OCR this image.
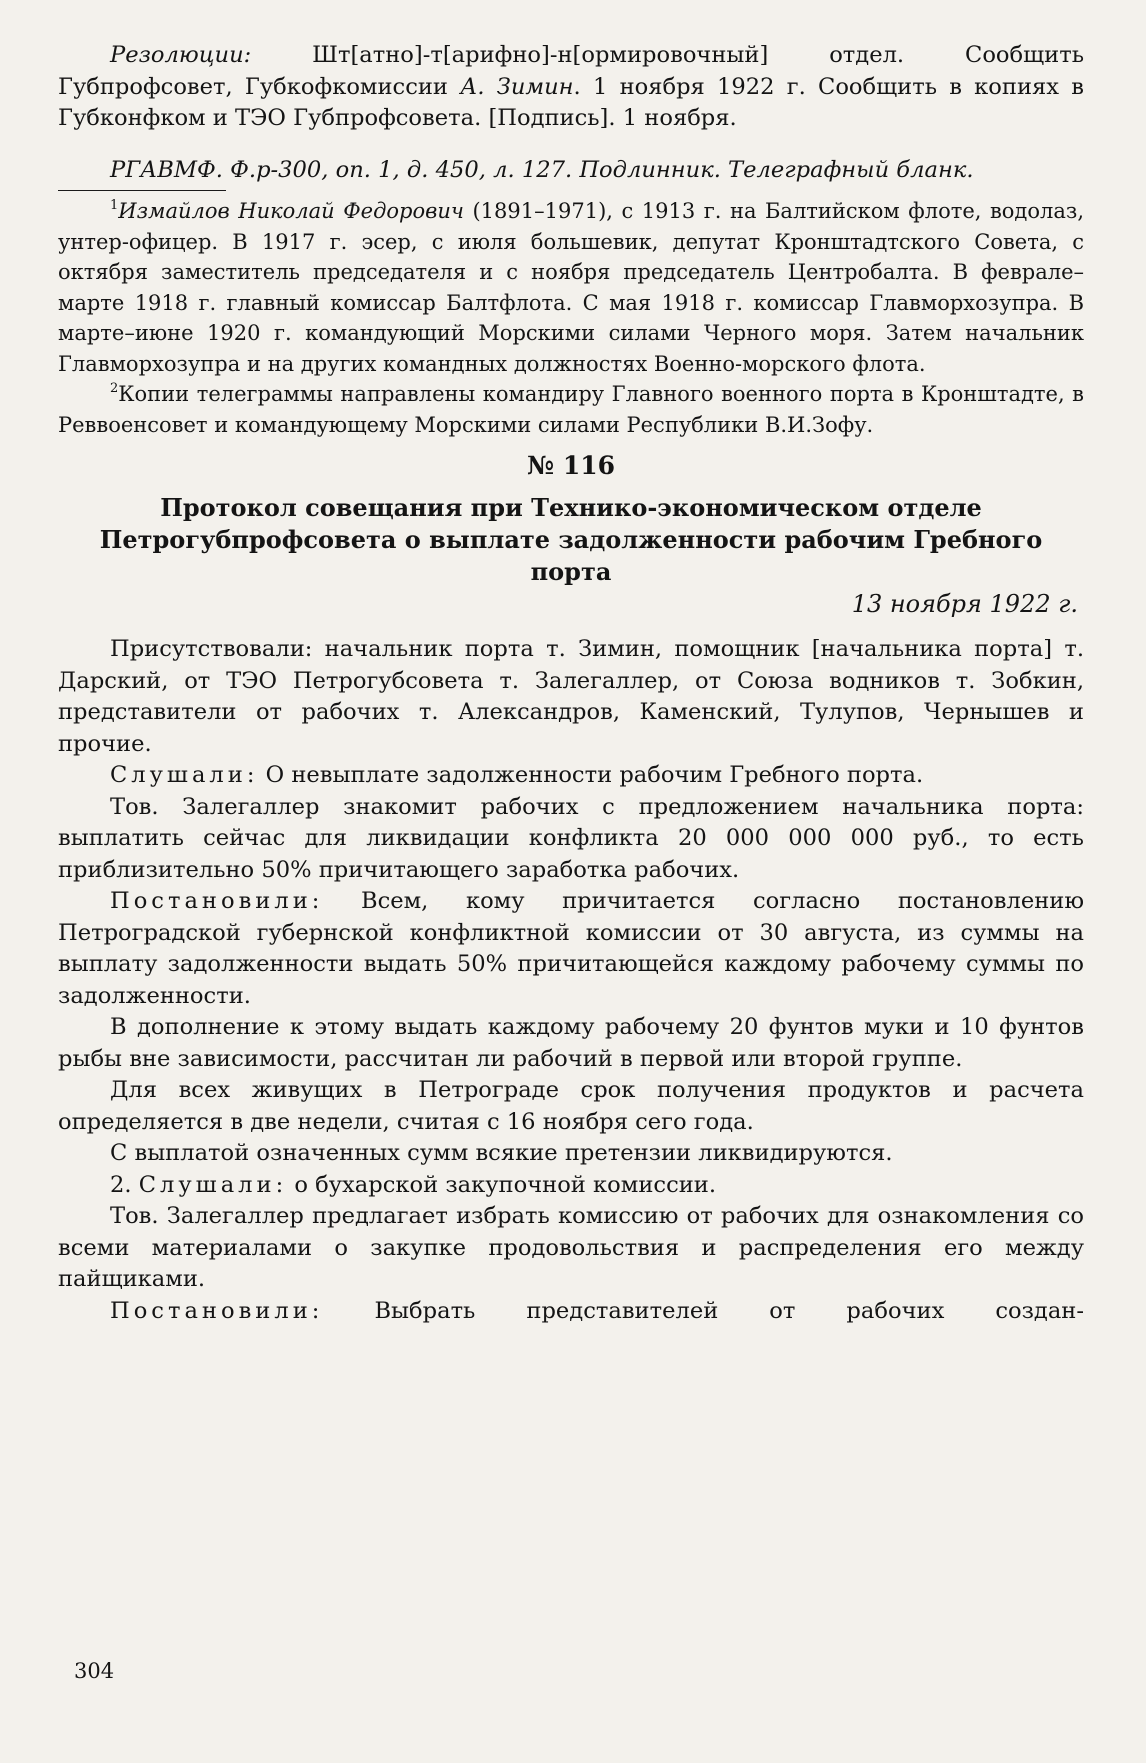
Резолюции: Шт[атно]-т[арифно]-н[ормировочный] отдел. Сообщить Губпрофсовет, Губкофкомиссии А. Зимин. 1 ноября 1922 г. Сообщить в копиях в Губконфком и ТЭО Губпрофсовета. [Подпись]. 1 ноября.

РГАВМФ. Ф.р-300, оп. 1, д. 450, л. 127. Подлинник. Телеграфный бланк.

$^1$Измайлов Николай Федорович (1891–1971), с 1913 г. на Балтийском флоте, водолаз, унтер-офицер. В 1917 г. эсер, с июля большевик, депутат Кронштадтского Совета, с октября заместитель председателя и с ноября председатель Центробалта. В феврале–марте 1918 г. главный комиссар Балтфлота. С мая 1918 г. комиссар Главморхозупра. В марте–июне 1920 г. командующий Морскими силами Черного моря. Затем начальник Главморхозупра и на других командных должностях Военно-морского флота.

$^2$Копии телеграммы направлены командиру Главного военного порта в Кронштадте, в Реввоенсовет и командующему Морскими силами Республики В.И.Зофу.

№ 116
Протокол совещания при Технико-экономическом отделе Петрогубпрофсовета о выплате задолженности рабочим Гребного порта
13 ноября 1922 г.

Присутствовали: начальник порта т. Зимин, помощник [начальника порта] т. Дарский, от ТЭО Петрогубсовета т. Залегаллер, от Союза водников т. Зобкин, представители от рабочих т. Александров, Каменский, Тулупов, Чернышев и прочие.

Слушали: О невыплате задолженности рабочим Гребного порта.

Тов. Залегаллер знакомит рабочих с предложением начальника порта: выплатить сейчас для ликвидации конфликта 20 000 000 000 руб., то есть приблизительно 50% причитающего заработка рабочих.

Постановили: Всем, кому причитается согласно постановлению Петроградской губернской конфликтной комиссии от 30 августа, из суммы на выплату задолженности выдать 50% причитающейся каждому рабочему суммы по задолженности.

В дополнение к этому выдать каждому рабочему 20 фунтов муки и 10 фунтов рыбы вне зависимости, рассчитан ли рабочий в первой или второй группе.

Для всех живущих в Петрограде срок получения продуктов и расчета определяется в две недели, считая с 16 ноября сего года.

С выплатой означенных сумм всякие претензии ликвидируются.

2. Слушали: о бухарской закупочной комиссии.

Тов. Залегаллер предлагает избрать комиссию от рабочих для ознакомления со всеми материалами о закупке продовольствия и распределения его между пайщиками.

Постановили: Выбрать представителей от рабочих создан-

304
